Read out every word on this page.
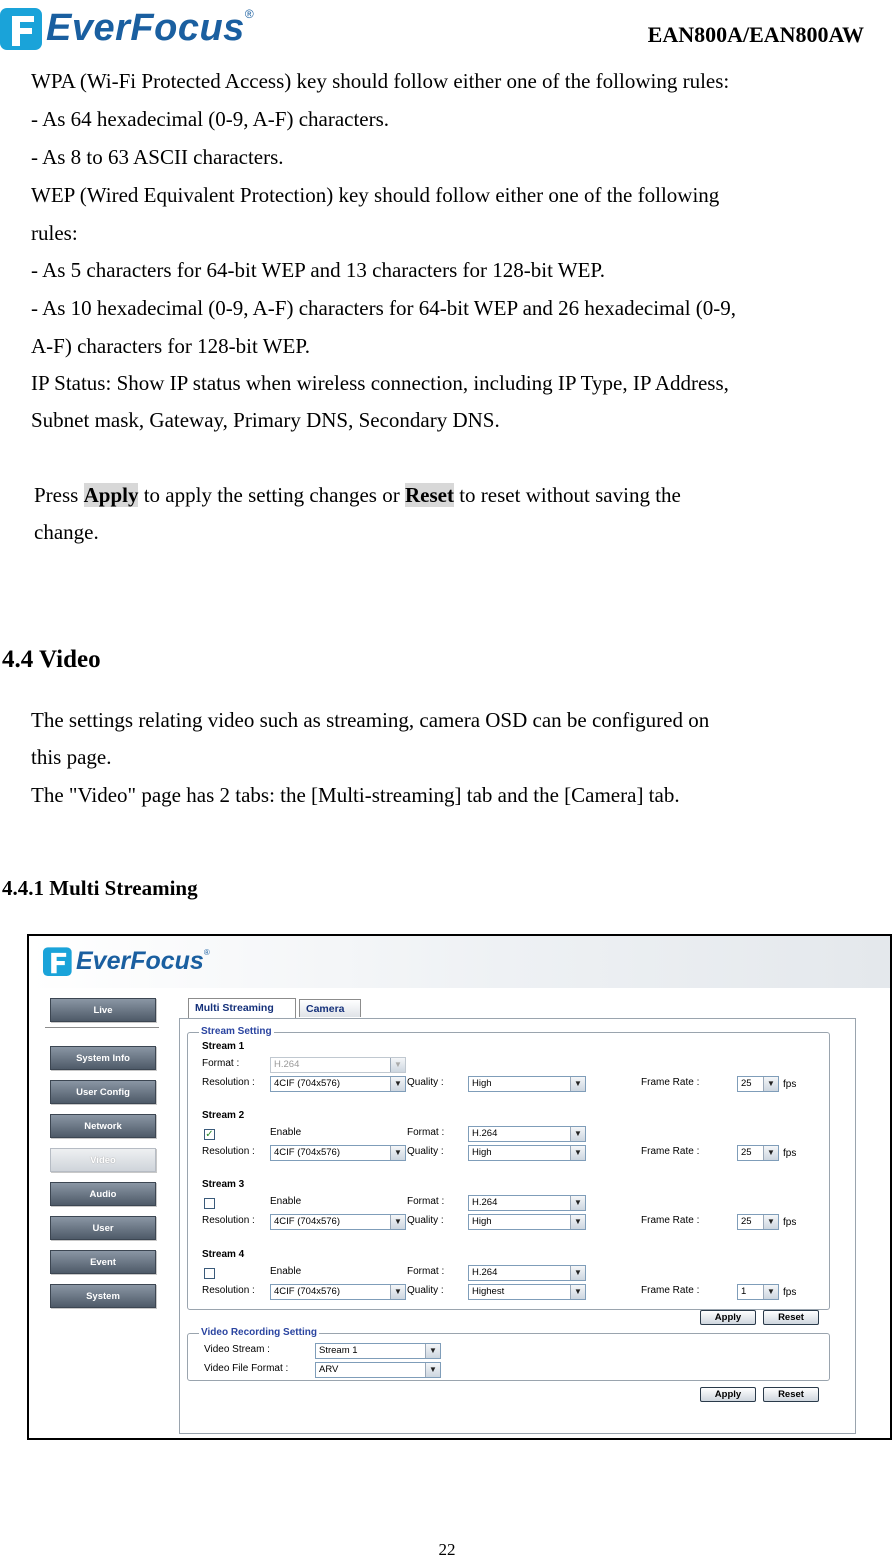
EverFocus ®
EAN800A/EAN800AW
WPA (Wi-Fi Protected Access) key should follow either one of the following rules:
- As 64 hexadecimal (0-9, A-F) characters.
- As 8 to 63 ASCII characters.
WEP (Wired Equivalent Protection) key should follow either one of the following
rules:
- As 5 characters for 64-bit WEP and 13 characters for 128-bit WEP.
- As 10 hexadecimal (0-9, A-F) characters for 64-bit WEP and 26 hexadecimal (0-9,
A-F) characters for 128-bit WEP.
IP Status: Show IP status when wireless connection, including IP Type, IP Address,
Subnet mask, Gateway, Primary DNS, Secondary DNS.
Press Apply to apply the setting changes or Reset to reset without saving the
change.
4.4 Video
The settings relating video such as streaming, camera OSD can be configured on
this page.
The "Video" page has 2 tabs: the [Multi-streaming] tab and the [Camera] tab.
4.4.1 Multi Streaming
EverFocus ®
Live
System Info
User Config
Network
Video
Audio
User
Event
System
Multi Streaming	Camera
Stream Setting
Stream 1
Format :	H.264	▼
Resolution :	4CIF (704x576)	▼ Quality :	High	▼	Frame Rate :	25	▼ fps
Stream 2
✓	Enable	Format :	H.264	▼
Resolution :	4CIF (704x576)	▼ Quality :	High	▼	Frame Rate :	25	▼ fps
Stream 3
Enable	Format :	H.264	▼
Resolution :	4CIF (704x576)	▼ Quality :	High	▼	Frame Rate :	25	▼ fps
Stream 4
Enable	Format :	H.264	▼
Resolution :	4CIF (704x576)	▼ Quality :	Highest	▼	Frame Rate :	1	▼ fps
Apply	Reset
Video Recording Setting
Video Stream :	Stream 1	▼
Video File Format :	ARV	▼
Apply	Reset
22
